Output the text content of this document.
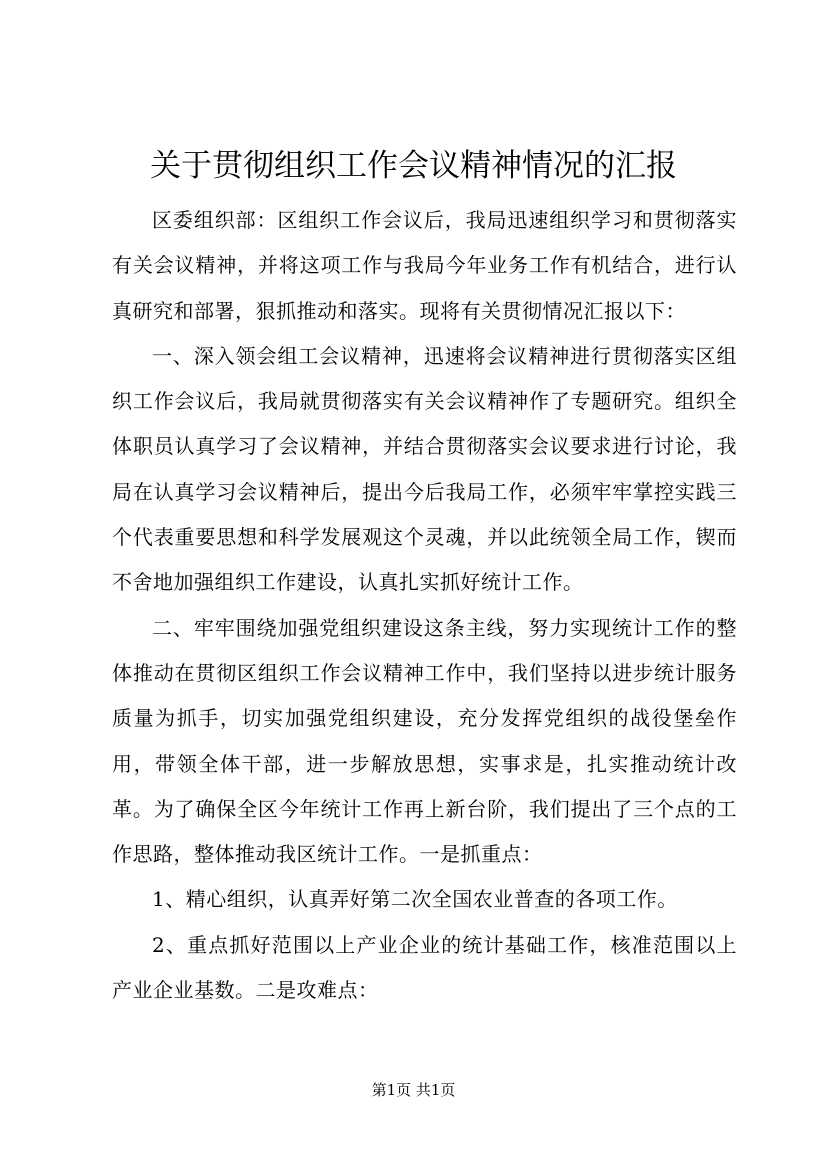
关于贯彻组织工作会议精神情况的汇报

区委组织部：区组织工作会议后，我局迅速组织学习和贯彻落实有关会议精神，并将这项工作与我局今年业务工作有机结合，进行认真研究和部署，狠抓推动和落实。现将有关贯彻情况汇报以下：

一、深入领会组工会议精神，迅速将会议精神进行贯彻落实区组织工作会议后，我局就贯彻落实有关会议精神作了专题研究。组织全体职员认真学习了会议精神，并结合贯彻落实会议要求进行讨论，我局在认真学习会议精神后，提出今后我局工作，必须牢牢掌控实践三个代表重要思想和科学发展观这个灵魂，并以此统领全局工作，锲而不舍地加强组织工作建设，认真扎实抓好统计工作。

二、牢牢围绕加强党组织建设这条主线，努力实现统计工作的整体推动在贯彻区组织工作会议精神工作中，我们坚持以进步统计服务质量为抓手，切实加强党组织建设，充分发挥党组织的战役堡垒作用，带领全体干部，进一步解放思想，实事求是，扎实推动统计改革。为了确保全区今年统计工作再上新台阶，我们提出了三个点的工作思路，整体推动我区统计工作。一是抓重点：

1、精心组织，认真弄好第二次全国农业普查的各项工作。

2、重点抓好范围以上产业企业的统计基础工作，核准范围以上产业企业基数。二是攻难点：

第1页 共1页
